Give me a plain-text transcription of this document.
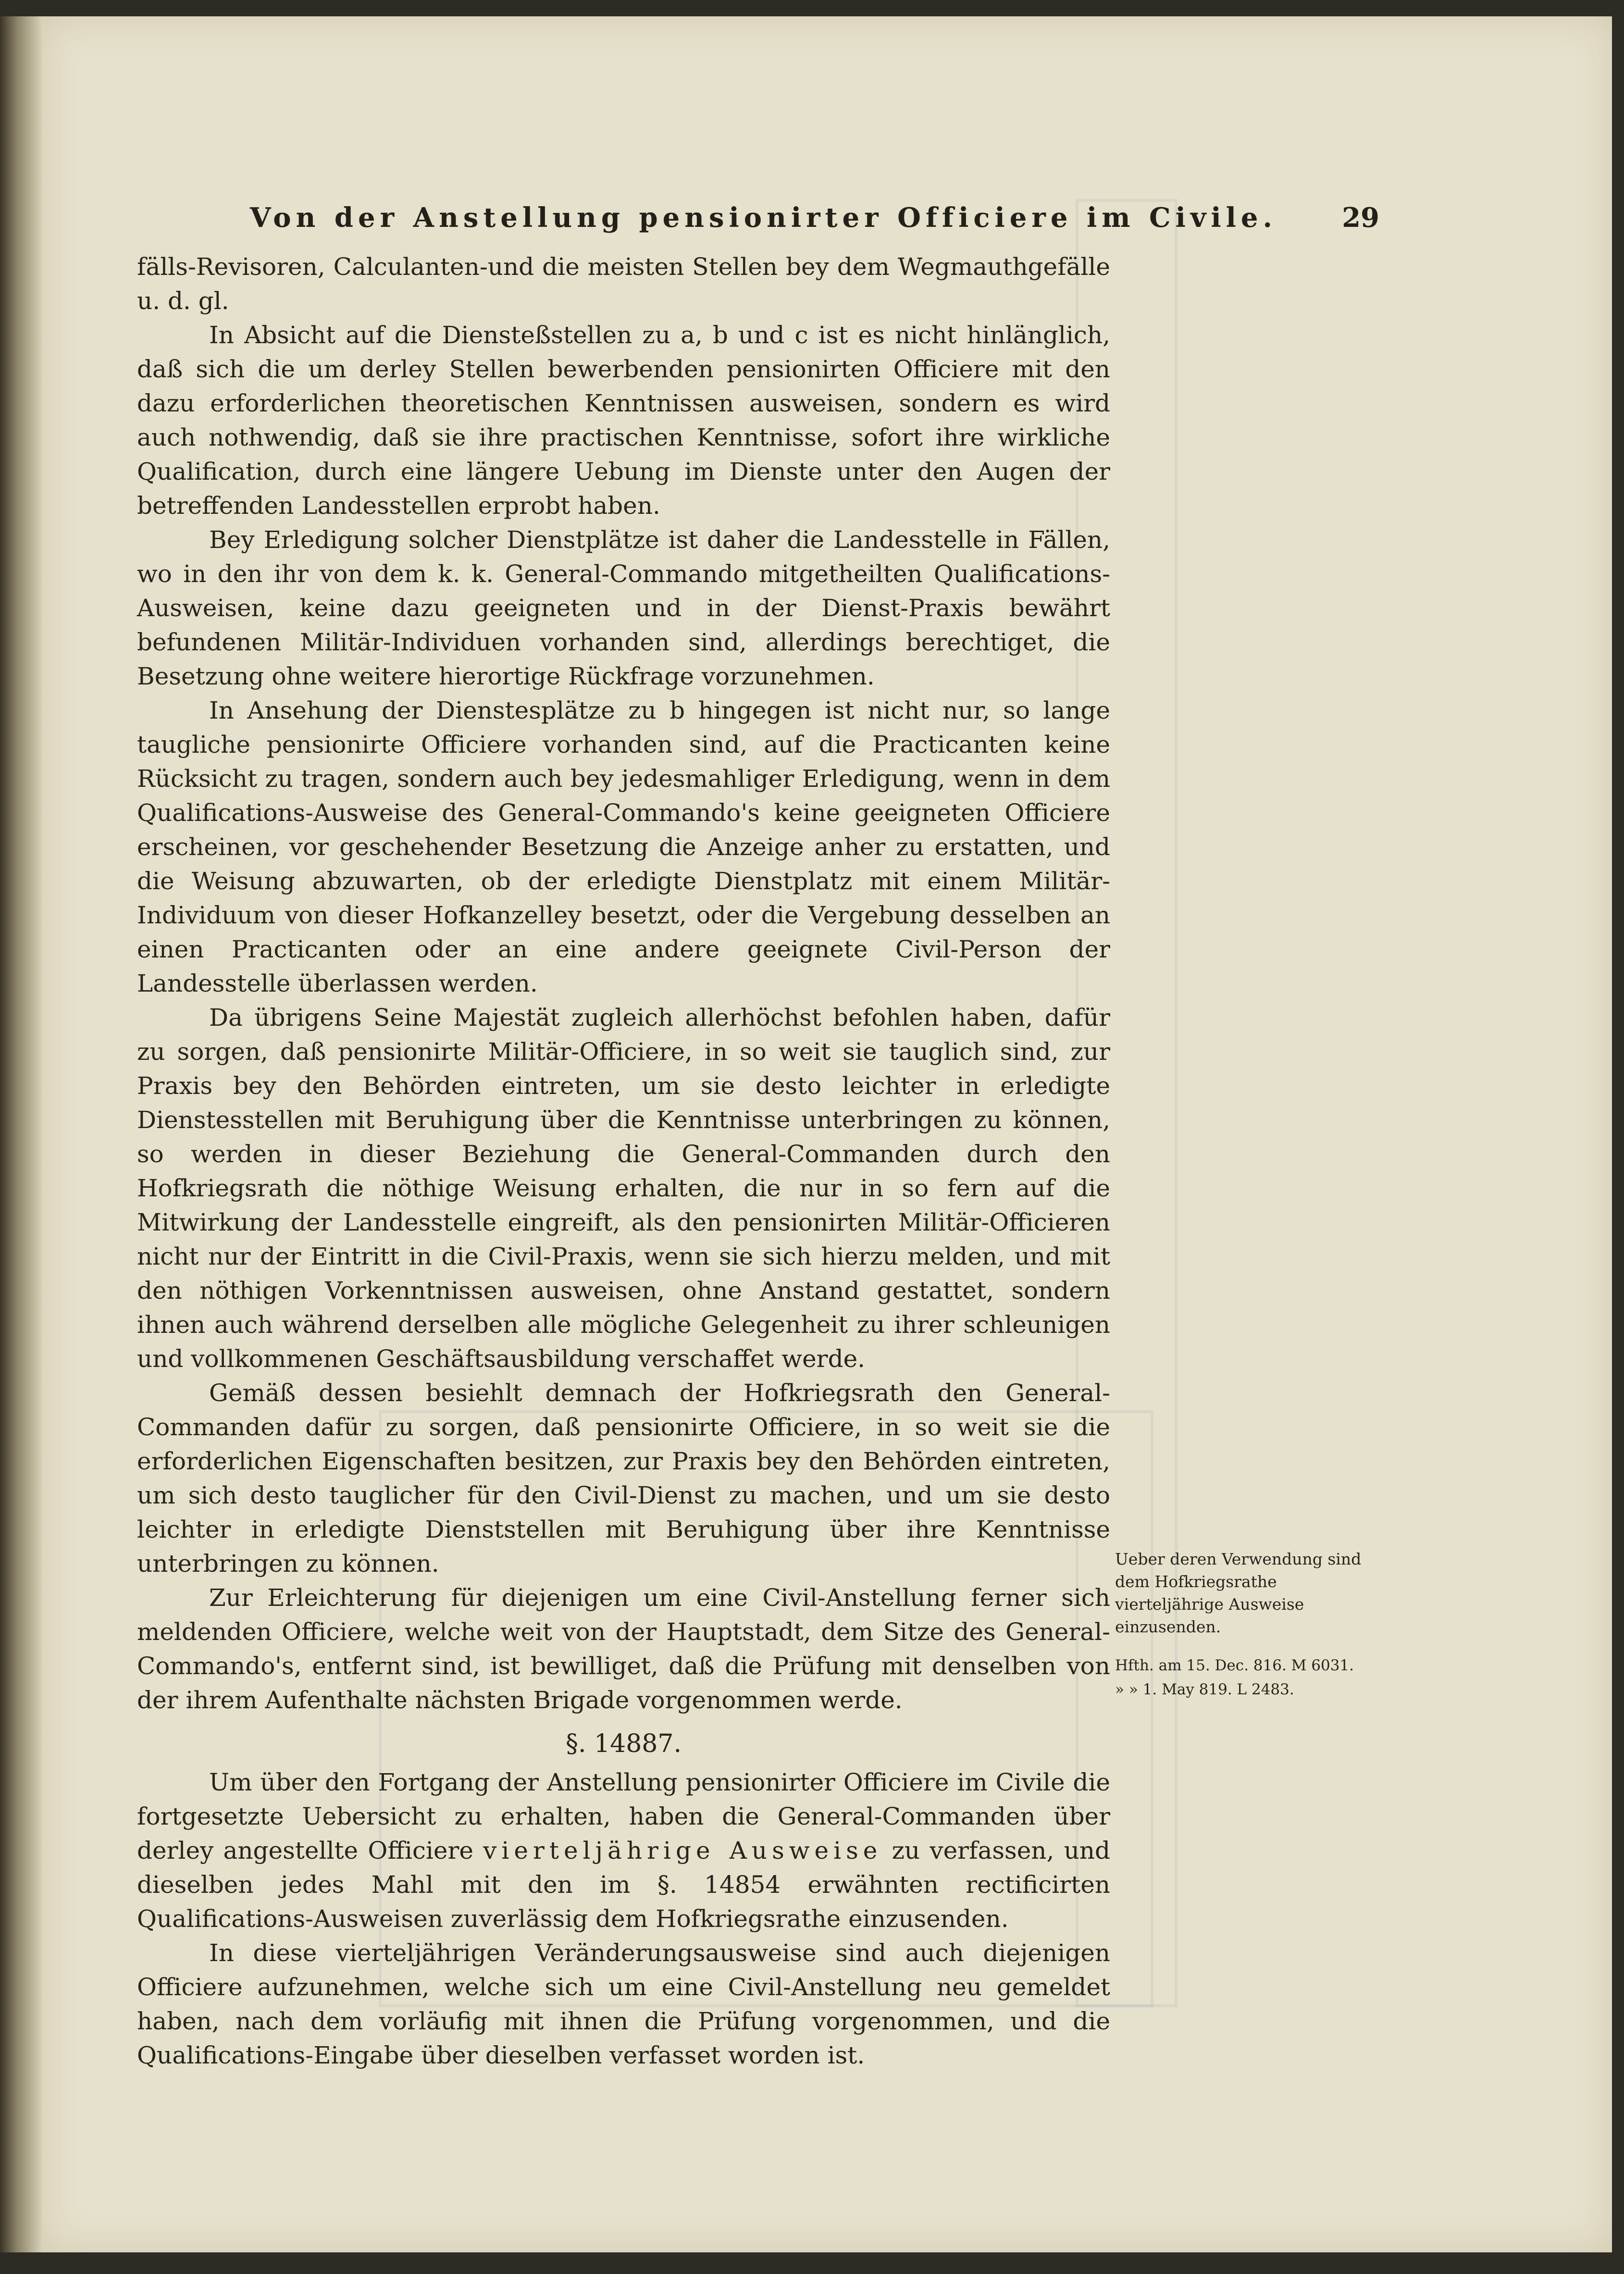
Von der Anstellung pensionirter Officiere im Civile. 29

fälls-Revisoren, Calculanten-und die meisten Stellen bey dem Wegmauthgefälle u. d. gl.

In Absicht auf die Diensteßstellen zu a, b und c ist es nicht hinlänglich, daß sich die um derley Stellen bewerbenden pensionirten Officiere mit den dazu erforderlichen theoretischen Kenntnissen ausweisen, sondern es wird auch nothwendig, daß sie ihre practischen Kenntnisse, sofort ihre wirkliche Qualification, durch eine längere Uebung im Dienste unter den Augen der betreffenden Landesstellen erprobt haben.

Bey Erledigung solcher Dienstplätze ist daher die Landesstelle in Fällen, wo in den ihr von dem k. k. General-Commando mitgetheilten Qualifications-Ausweisen, keine dazu geeigneten und in der Dienst-Praxis bewährt befundenen Militär-Individuen vorhanden sind, allerdings berechtiget, die Besetzung ohne weitere hierortige Rückfrage vorzunehmen.

In Ansehung der Dienstesplätze zu b hingegen ist nicht nur, so lange taugliche pensionirte Officiere vorhanden sind, auf die Practicanten keine Rücksicht zu tragen, sondern auch bey jedesmahliger Erledigung, wenn in dem Qualifications-Ausweise des General-Commando's keine geeigneten Officiere erscheinen, vor geschehender Besetzung die Anzeige anher zu erstatten, und die Weisung abzuwarten, ob der erledigte Dienstplatz mit einem Militär-Individuum von dieser Hofkanzelley besetzt, oder die Vergebung desselben an einen Practicanten oder an eine andere geeignete Civil-Person der Landesstelle überlassen werden.

Da übrigens Seine Majestät zugleich allerhöchst befohlen haben, dafür zu sorgen, daß pensionirte Militär-Officiere, in so weit sie tauglich sind, zur Praxis bey den Behörden eintreten, um sie desto leichter in erledigte Dienstesstellen mit Beruhigung über die Kenntnisse unterbringen zu können, so werden in dieser Beziehung die General-Commanden durch den Hofkriegsrath die nöthige Weisung erhalten, die nur in so fern auf die Mitwirkung der Landesstelle eingreift, als den pensionirten Militär-Officieren nicht nur der Eintritt in die Civil-Praxis, wenn sie sich hierzu melden, und mit den nöthigen Vorkenntnissen ausweisen, ohne Anstand gestattet, sondern ihnen auch während derselben alle mögliche Gelegenheit zu ihrer schleunigen und vollkommenen Geschäftsausbildung verschaffet werde.

Gemäß dessen besiehlt demnach der Hofkriegsrath den General-Commanden dafür zu sorgen, daß pensionirte Officiere, in so weit sie die erforderlichen Eigenschaften besitzen, zur Praxis bey den Behörden eintreten, um sich desto tauglicher für den Civil-Dienst zu machen, und um sie desto leichter in erledigte Dienststellen mit Beruhigung über ihre Kenntnisse unterbringen zu können.

Zur Erleichterung für diejenigen um eine Civil-Anstellung ferner sich meldenden Officiere, welche weit von der Hauptstadt, dem Sitze des General-Commando's, entfernt sind, ist bewilliget, daß die Prüfung mit denselben von der ihrem Aufenthalte nächsten Brigade vorgenommen werde.

§. 14887.

Um über den Fortgang der Anstellung pensionirter Officiere im Civile die fortgesetzte Uebersicht zu erhalten, haben die General-Commanden über derley angestellte Officiere vierteljährige Ausweise zu verfassen, und dieselben jedes Mahl mit den im §. 14854 erwähnten rectificirten Qualifications-Ausweisen zuverlässig dem Hofkriegsrathe einzusenden.

In diese vierteljährigen Veränderungsausweise sind auch diejenigen Officiere aufzunehmen, welche sich um eine Civil-Anstellung neu gemeldet haben, nach dem vorläufig mit ihnen die Prüfung vorgenommen, und die Qualifications-Eingabe über dieselben verfasset worden ist.

Ueber deren Verwendung sind dem Hofkriegsrathe vierteljährige Ausweise einzusenden.
Hfth. am 15. Dec. 816. M 6031.
» » 1. May 819. L 2483.
